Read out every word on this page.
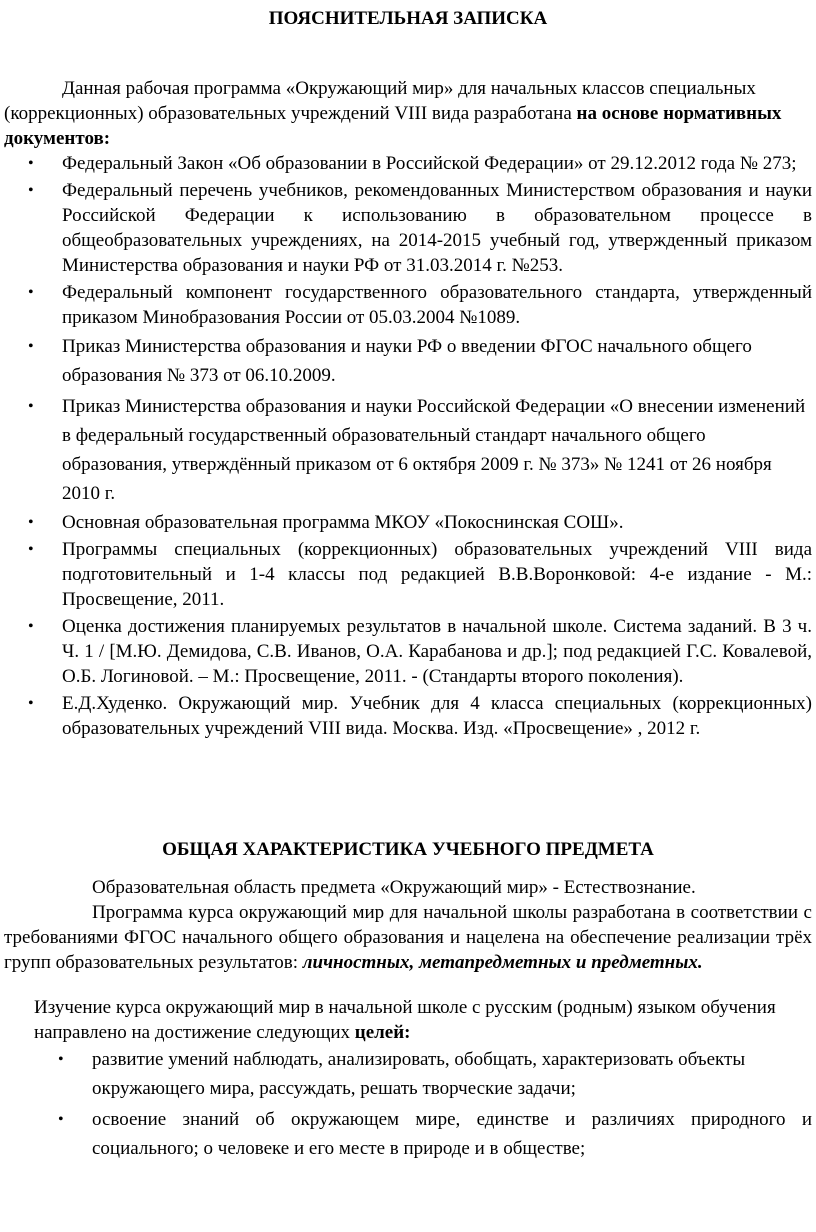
ПОЯСНИТЕЛЬНАЯ ЗАПИСКА

Данная рабочая программа «Окружающий мир» для начальных классов специальных (коррекционных) образовательных учреждений VIII вида разработана на основе нормативных документов:

• Федеральный Закон «Об образовании в Российской Федерации» от 29.12.2012 года № 273;
• Федеральный перечень учебников, рекомендованных Министерством образования и науки Российской Федерации к использованию в образовательном процессе в общеобразовательных учреждениях, на 2014-2015 учебный год, утвержденный приказом Министерства образования и науки РФ от 31.03.2014 г. №253.
• Федеральный компонент государственного образовательного стандарта, утвержденный приказом Минобразования России от 05.03.2004 №1089.
• Приказ Министерства образования и науки РФ о введении ФГОС начального общего образования № 373 от 06.10.2009.
• Приказ Министерства образования и науки Российской Федерации «О внесении изменений в федеральный государственный образовательный стандарт начального общего образования, утверждённый приказом от 6 октября 2009 г. № 373» № 1241 от 26 ноября 2010 г.
• Основная образовательная программа МКОУ «Покоснинская СОШ».
• Программы специальных (коррекционных) образовательных учреждений VIII вида подготовительный и 1-4 классы под редакцией В.В.Воронковой: 4-е издание - М.: Просвещение, 2011.
• Оценка достижения планируемых результатов в начальной школе. Система заданий. В 3 ч. Ч. 1 / [М.Ю. Демидова, С.В. Иванов, О.А. Карабанова и др.]; под редакцией Г.С. Ковалевой, О.Б. Логиновой. – М.: Просвещение, 2011. - (Стандарты второго поколения).
• Е.Д.Худенко. Окружающий мир. Учебник для 4 класса специальных (коррекционных) образовательных учреждений VIII вида. Москва. Изд. «Просвещение» , 2012 г.
ОБЩАЯ ХАРАКТЕРИСТИКА УЧЕБНОГО ПРЕДМЕТА

Образовательная область предмета «Окружающий мир» - Естествознание.

Программа курса окружающий мир для начальной школы разработана в соответствии с требованиями ФГОС начального общего образования и нацелена на обеспечение реализации трёх групп образовательных результатов: личностных, метапредметных и предметных.

Изучение курса окружающий мир в начальной школе с русским (родным) языком обучения направлено на достижение следующих целей:

• развитие умений наблюдать, анализировать, обобщать, характеризовать объекты окружающего мира, рассуждать, решать творческие задачи;
• освоение знаний об окружающем мире, единстве и различиях природного и социального; о человеке и его месте в природе и в обществе;
